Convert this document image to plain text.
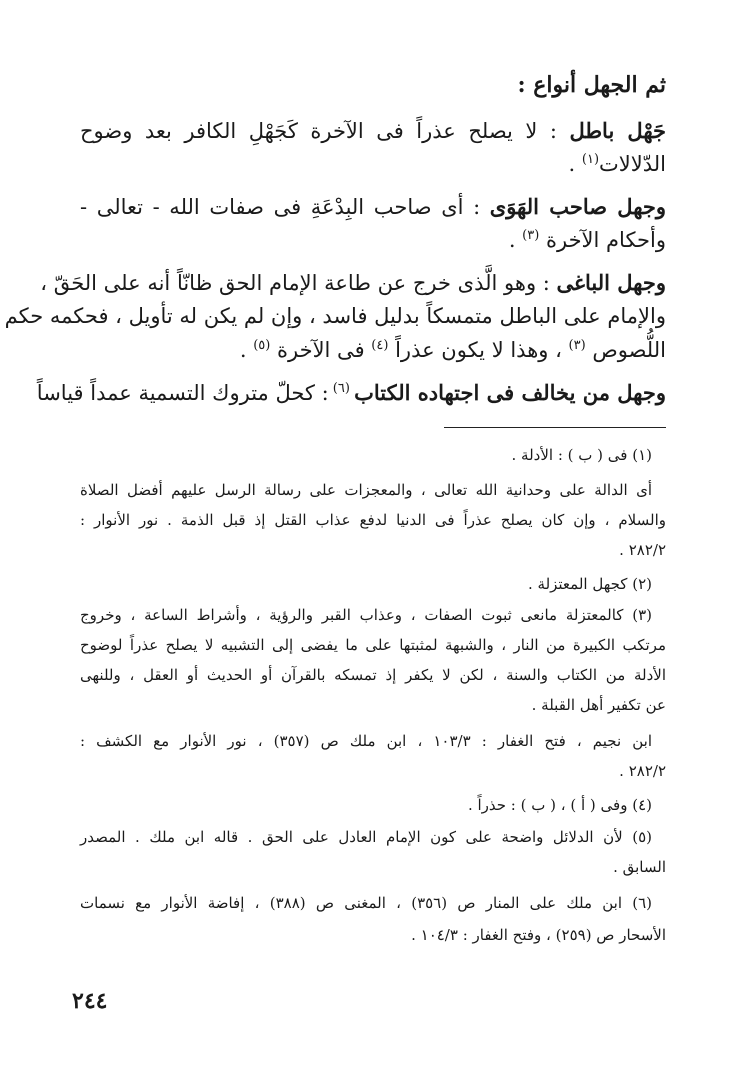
ثم الجهل أنواع :
جَهْل باطل : لا يصلح عذراً فى الآخرة كَجَهْلِ الكافر بعد وضوح
الدّلالات$^{(١)}$ .
وجهل صاحب الهَوَى : أى صاحب البِدْعَةِ فى صفات الله - تعالى -
وأحكام الآخرة $^{(٣)}$ .
وجهل الباغى : وهو الَّذى خرج عن طاعة الإمام الحق ظانّاً أنه على الحَقّ ،
والإمام على الباطل متمسكاً بدليل فاسد ، وإن لم يكن له تأويل ، فحكمه حكم
اللُّصوص $^{(٣)}$ ، وهذا لا يكون عذراً $^{(٤)}$ فى الآخرة $^{(٥)}$ .
وجهل من يخالف فى اجتهاده الكتاب $^{(٦)}$ : كحلّ متروك التسمية عمداً قياساً
(١) فى ( ب ) : الأدلة .
أى الدالة على وحدانية الله تعالى ، والمعجزات على رسالة الرسل عليهم أفضل الصلاة
والسلام ، وإن كان يصلح عذراً فى الدنيا لدفع عذاب القتل إذ قبل الذمة . نور الأنوار :
٢٨٢/٢ .
(٢) كجهل المعتزلة .
(٣) كالمعتزلة مانعى ثبوت الصفات ، وعذاب القبر والرؤية ، وأشراط الساعة ، وخروج
مرتكب الكبيرة من النار ، والشبهة لمثبتها على ما يفضى إلى التشبيه لا يصلح عذراً لوضوح
الأدلة من الكتاب والسنة ، لكن لا يكفر إذ تمسكه بالقرآن أو الحديث أو العقل ، وللنهى
عن تكفير أهل القبلة .
ابن نجيم ، فتح الغفار : ١٠٣/٣ ، ابن ملك ص (٣٥٧) ، نور الأنوار مع الكشف :
٢٨٢/٢ .
(٤) وفى ( أ ) ، ( ب ) : حذراً .
(٥) لأن الدلائل واضحة على كون الإمام العادل على الحق . قاله ابن ملك . المصدر
السابق .
(٦) ابن ملك على المنار ص (٣٥٦) ، المغنى ص (٣٨٨) ، إفاضة الأنوار مع نسمات
الأسحار ص (٢٥٩) ، وفتح الغفار : ١٠٤/٣ .
٢٤٤
